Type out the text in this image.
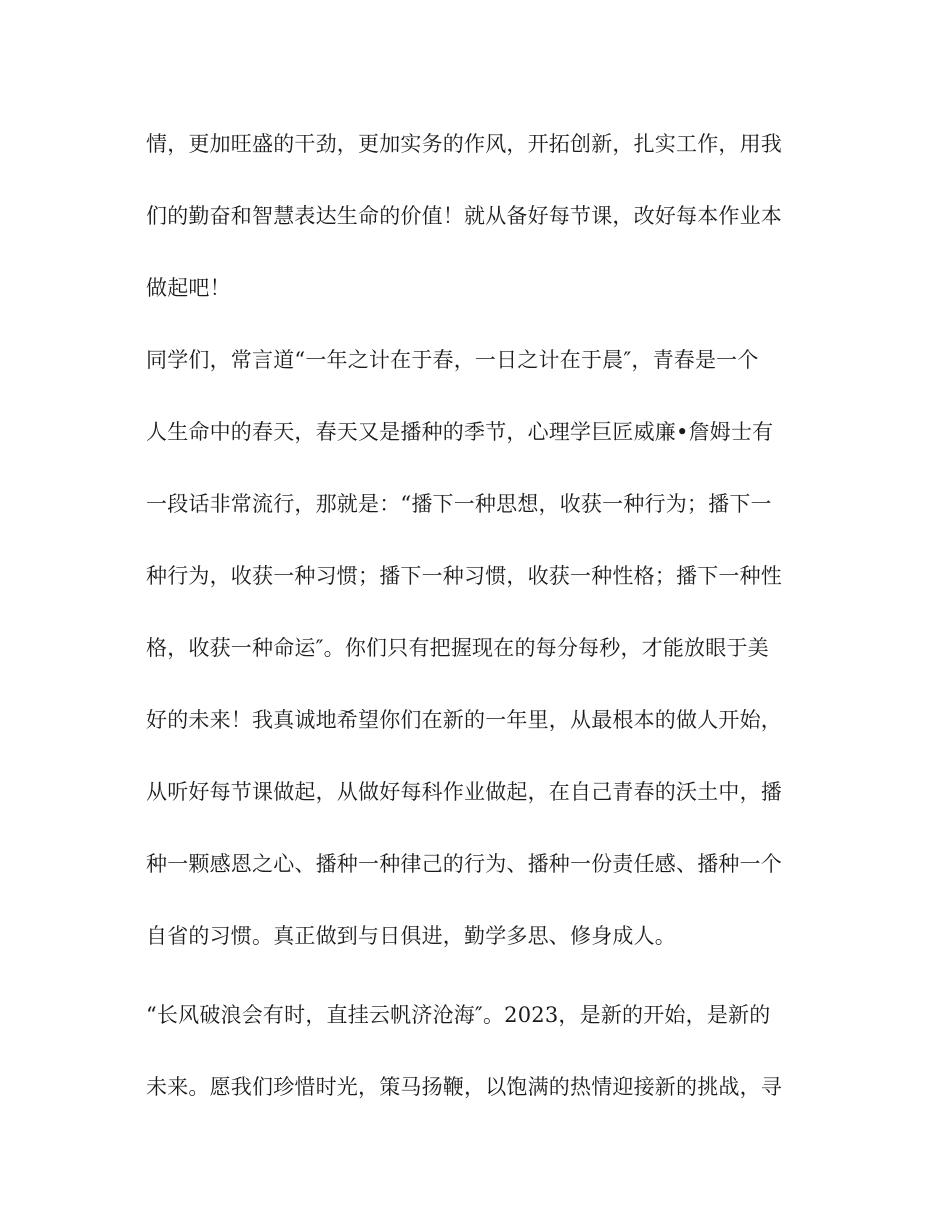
情，更加旺盛的干劲，更加实务的作风，开拓创新，扎实工作，用我
们的勤奋和智慧表达生命的价值！就从备好每节课，改好每本作业本
做起吧！
同学们，常言道“一年之计在于春，一日之计在于晨″，青春是一个
人生命中的春天，春天又是播种的季节，心理学巨匠威廉•詹姆士有
一段话非常流行，那就是：“播下一种思想，收获一种行为；播下一
种行为，收获一种习惯；播下一种习惯，收获一种性格；播下一种性
格，收获一种命运″。你们只有把握现在的每分每秒，才能放眼于美
好的未来！我真诚地希望你们在新的一年里，从最根本的做人开始，
从听好每节课做起，从做好每科作业做起，在自己青春的沃土中，播
种一颗感恩之心、播种一种律己的行为、播种一份责任感、播种一个
自省的习惯。真正做到与日俱进，勤学多思、修身成人。
“长风破浪会有时，直挂云帆济沧海″。2023，是新的开始，是新的
未来。愿我们珍惜时光，策马扬鞭，以饱满的热情迎接新的挑战，寻
